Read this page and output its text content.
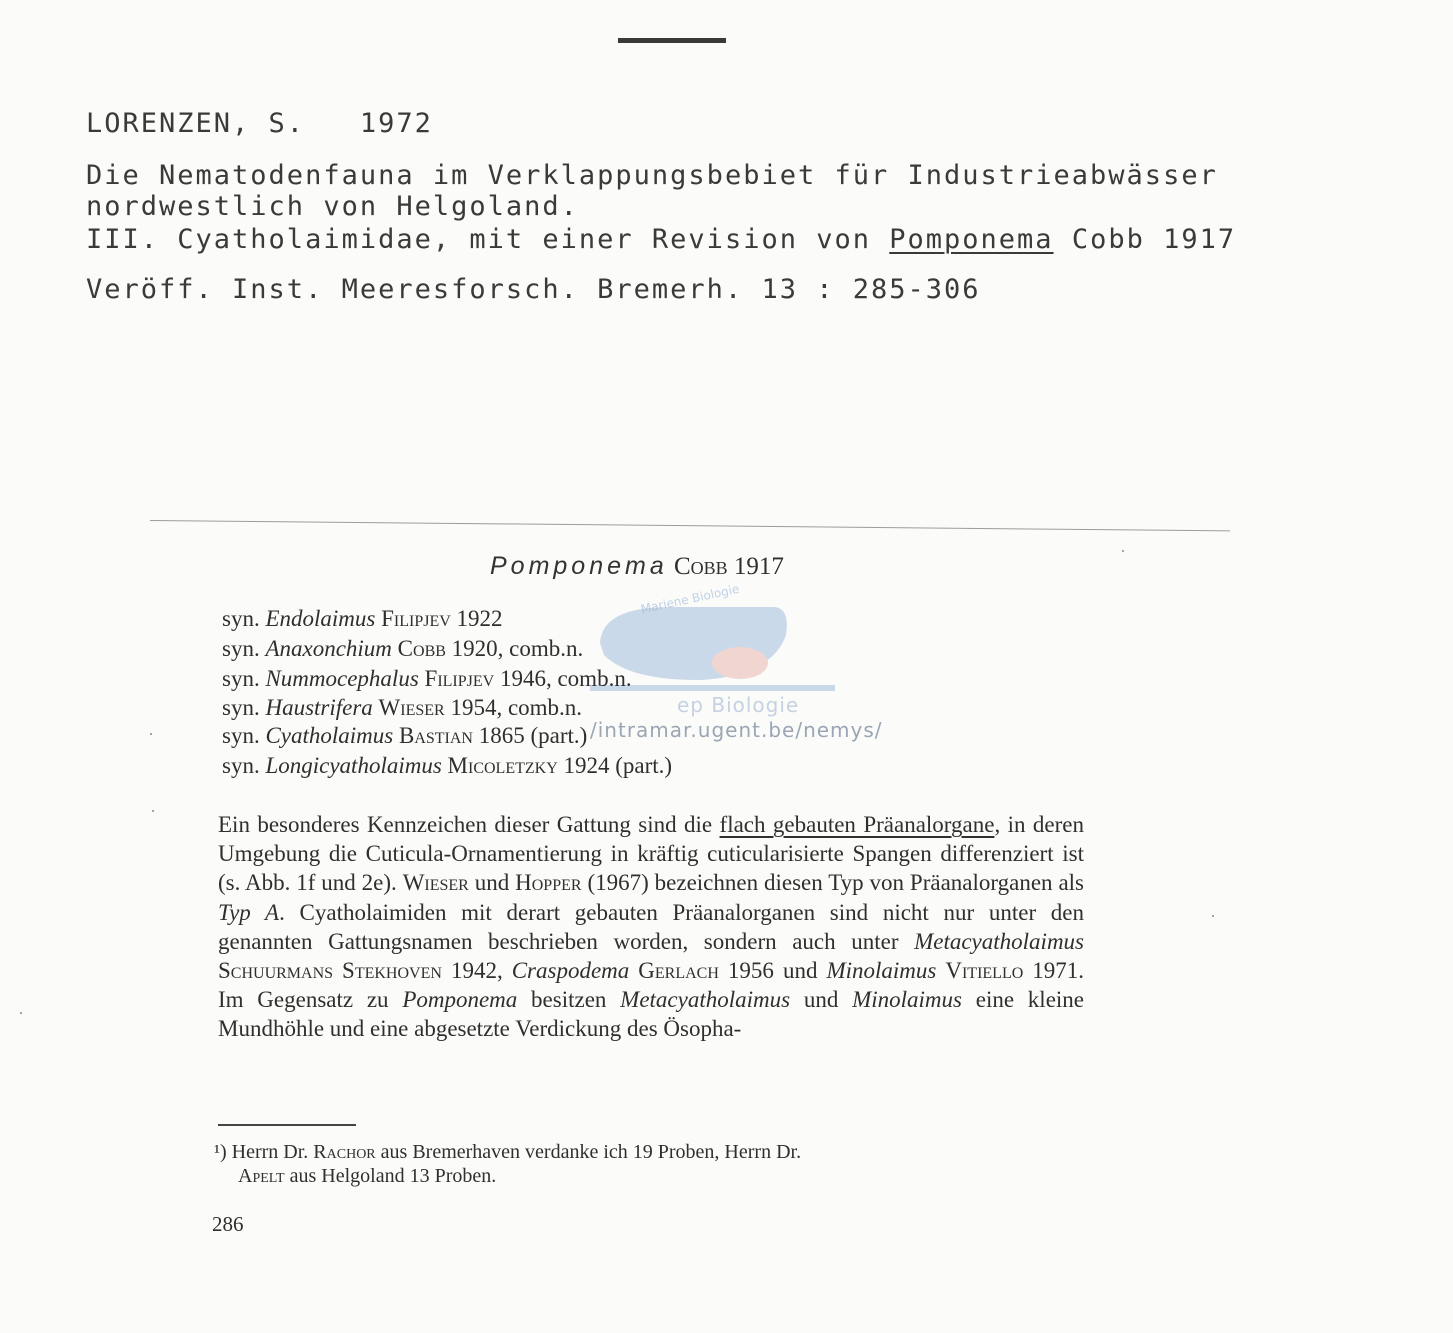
LORENZEN, S. 1972
Die Nematodenfauna im Verklappungsbebiet für Industrieabwässer
nordwestlich von Helgoland.
III. Cyatholaimidae, mit einer Revision von Pomponema Cobb 1917
Veröff. Inst. Meeresforsch. Bremerh. 13 : 285-306
Pomponema Cobb 1917
Mariene Biologie
ep Biologie
syn. Endolaimus Filipjev 1922
syn. Anaxonchium Cobb 1920, comb.n.
syn. Nummocephalus Filipjev 1946, comb.n.
syn. Haustrifera Wieser 1954, comb.n.
syn. Cyatholaimus Bastian 1865 (part.)
syn. Longicyatholaimus Micoletzky 1924 (part.)
/intramar.ugent.be/nemys/

Ein besonderes Kennzeichen dieser Gattung sind die flach gebauten Präanalorgane, in deren Umgebung die Cuticula-Ornamentierung in kräftig cuticularisierte Spangen differenziert ist (s. Abb. 1f und 2e). Wieser und Hopper (1967) bezeichnen diesen Typ von Präanalorganen als Typ A. Cyatholaimiden mit derart gebauten Präanalorganen sind nicht nur unter den genannten Gattungsnamen beschrieben worden, sondern auch unter Metacyatholaimus Schuurmans Stekhoven 1942, Craspodema Gerlach 1956 und Minolaimus Vitiello 1971. Im Gegensatz zu Pomponema besitzen Metacyatholaimus und Minolaimus eine kleine Mundhöhle und eine abgesetzte Verdickung des Ösopha-

¹) Herrn Dr. Rachor aus Bremerhaven verdanke ich 19 Proben, Herrn Dr.
Apelt aus Helgoland 13 Proben.
286
